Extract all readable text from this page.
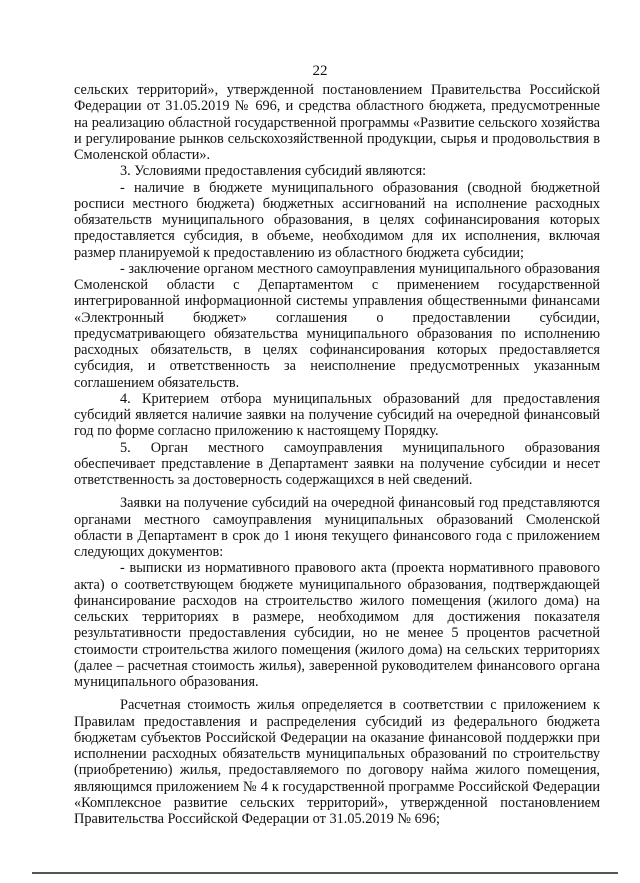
22

сельских территорий», утвержденной постановлением Правительства Российской Федерации от 31.05.2019 № 696, и средства областного бюджета, предусмотренные на реализацию областной государственной программы «Развитие сельского хозяйства и регулирование рынков сельскохозяйственной продукции, сырья и продовольствия в Смоленской области».

3. Условиями предоставления субсидий являются:

- наличие в бюджете муниципального образования (сводной бюджетной росписи местного бюджета) бюджетных ассигнований на исполнение расходных обязательств муниципального образования, в целях софинансирования которых предоставляется субсидия, в объеме, необходимом для их исполнения, включая размер планируемой к предоставлению из областного бюджета субсидии;

- заключение органом местного самоуправления муниципального образования Смоленской области с Департаментом с применением государственной интегрированной информационной системы управления общественными финансами «Электронный бюджет» соглашения о предоставлении субсидии, предусматривающего обязательства муниципального образования по исполнению расходных обязательств, в целях софинансирования которых предоставляется субсидия, и ответственность за неисполнение предусмотренных указанным соглашением обязательств.

4. Критерием отбора муниципальных образований для предоставления субсидий является наличие заявки на получение субсидий на очередной финансовый год по форме согласно приложению к настоящему Порядку.

5. Орган местного самоуправления муниципального образования обеспечивает представление в Департамент заявки на получение субсидии и несет ответственность за достоверность содержащихся в ней сведений.

Заявки на получение субсидий на очередной финансовый год представляются органами местного самоуправления муниципальных образований Смоленской области в Департамент в срок до 1 июня текущего финансового года с приложением следующих документов:

- выписки из нормативного правового акта (проекта нормативного правового акта) о соответствующем бюджете муниципального образования, подтверждающей финансирование расходов на строительство жилого помещения (жилого дома) на сельских территориях в размере, необходимом для достижения показателя результативности предоставления субсидии, но не менее 5 процентов расчетной стоимости строительства жилого помещения (жилого дома) на сельских территориях (далее – расчетная стоимость жилья), заверенной руководителем финансового органа муниципального образования.

Расчетная стоимость жилья определяется в соответствии с приложением к Правилам предоставления и распределения субсидий из федерального бюджета бюджетам субъектов Российской Федерации на оказание финансовой поддержки при исполнении расходных обязательств муниципальных образований по строительству (приобретению) жилья, предоставляемого по договору найма жилого помещения, являющимся приложением № 4 к государственной программе Российской Федерации «Комплексное развитие сельских территорий», утвержденной постановлением Правительства Российской Федерации от 31.05.2019 № 696;
